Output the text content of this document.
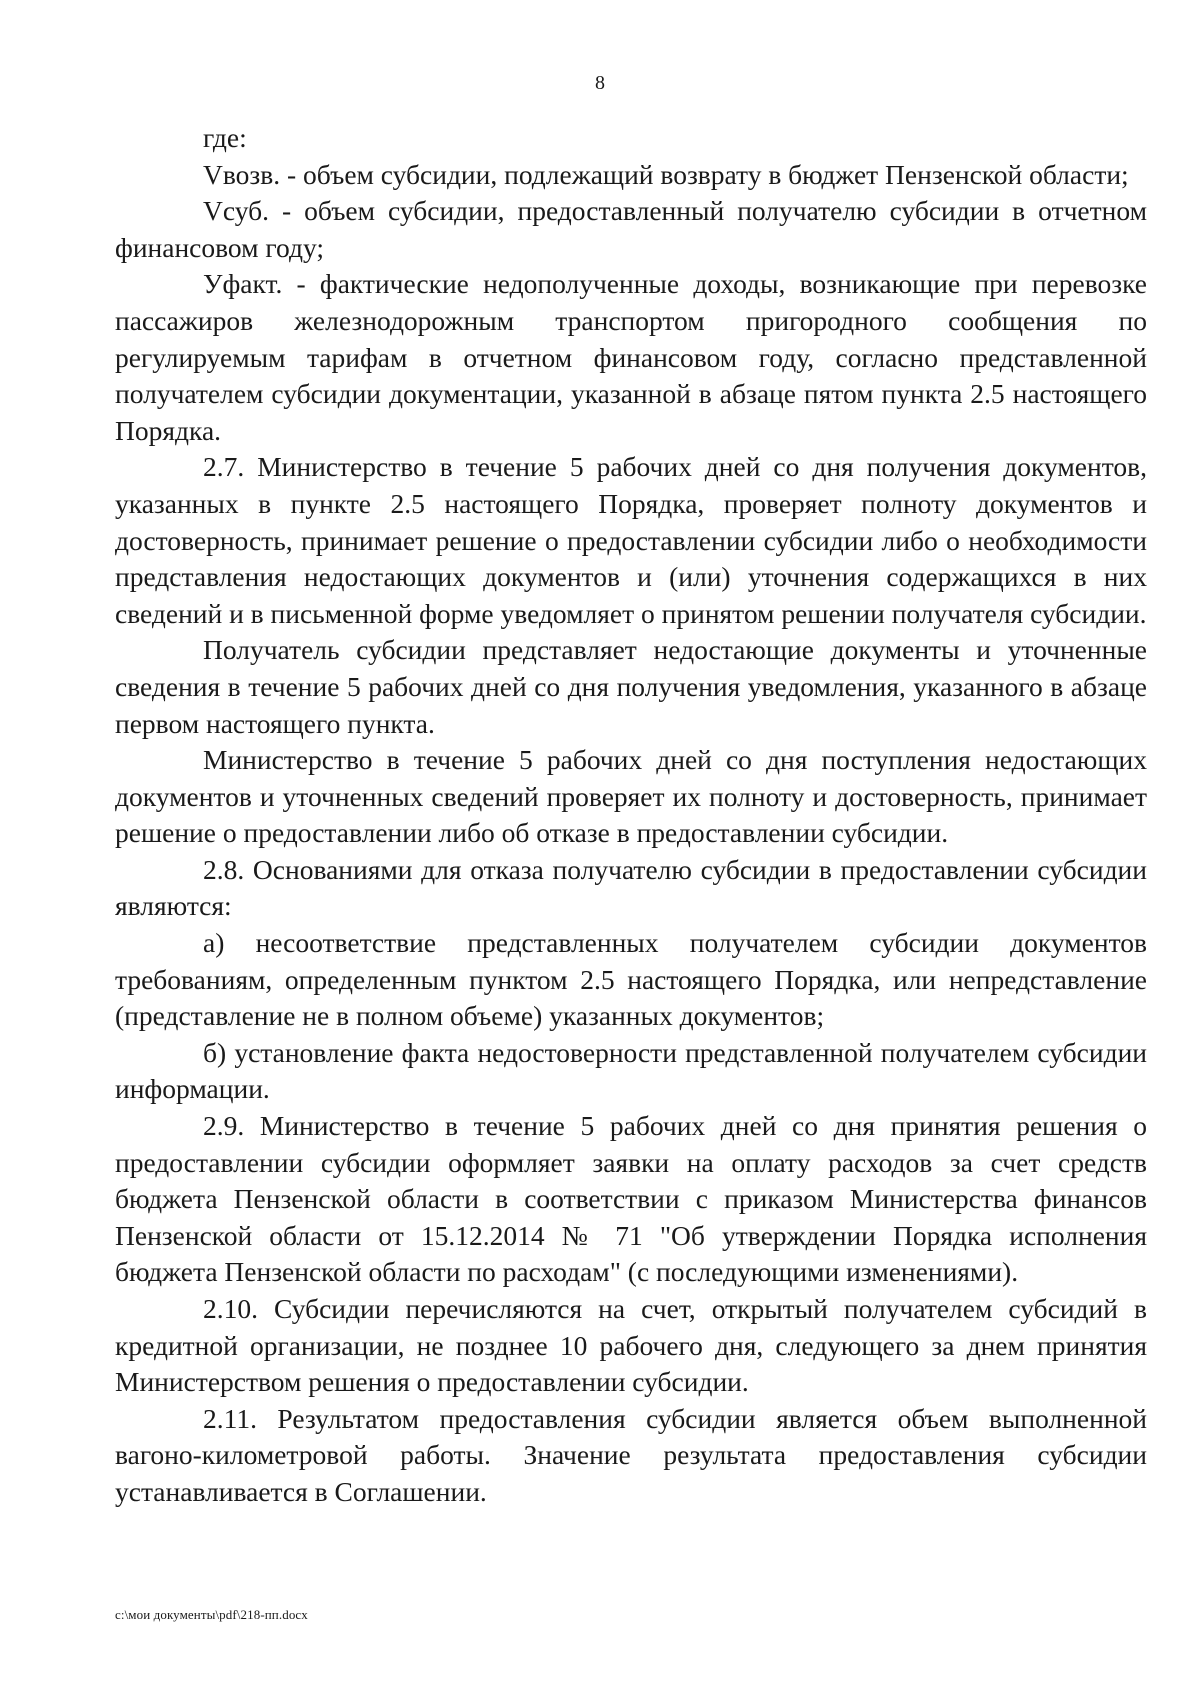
8

где:

Vвозв. - объем субсидии, подлежащий возврату в бюджет Пензенской области;

Vсуб. - объем субсидии, предоставленный получателю субсидии в отчетном финансовом году;

Уфакт. - фактические недополученные доходы, возникающие при перевозке пассажиров железнодорожным транспортом пригородного сообщения по регулируемым тарифам в отчетном финансовом году, согласно представленной получателем субсидии документации, указанной в абзаце пятом пункта 2.5 настоящего Порядка.

2.7. Министерство в течение 5 рабочих дней со дня получения документов, указанных в пункте 2.5 настоящего Порядка, проверяет полноту документов и достоверность, принимает решение о предоставлении субсидии либо о необходимости представления недостающих документов и (или) уточнения содержащихся в них сведений и в письменной форме уведомляет о принятом решении получателя субсидии.

Получатель субсидии представляет недостающие документы и уточненные сведения в течение 5 рабочих дней со дня получения уведомления, указанного в абзаце первом настоящего пункта.

Министерство в течение 5 рабочих дней со дня поступления недостающих документов и уточненных сведений проверяет их полноту и достоверность, принимает решение о предоставлении либо об отказе в предоставлении субсидии.

2.8. Основаниями для отказа получателю субсидии в предоставлении субсидии являются:

а) несоответствие представленных получателем субсидии документов требованиям, определенным пунктом 2.5 настоящего Порядка, или непредставление (представление не в полном объеме) указанных документов;

б) установление факта недостоверности представленной получателем субсидии информации.

2.9. Министерство в течение 5 рабочих дней со дня принятия решения о предоставлении субсидии оформляет заявки на оплату расходов за счет средств бюджета Пензенской области в соответствии с приказом Министерства финансов Пензенской области от 15.12.2014 № 71 "Об утверждении Порядка исполнения бюджета Пензенской области по расходам" (с последующими изменениями).

2.10. Субсидии перечисляются на счет, открытый получателем субсидий в кредитной организации, не позднее 10 рабочего дня, следующего за днем принятия Министерством решения о предоставлении субсидии.

2.11. Результатом предоставления субсидии является объем выполненной вагоно-километровой работы. Значение результата предоставления субсидии устанавливается в Соглашении.

c:\мои документы\pdf\218-пп.docx
